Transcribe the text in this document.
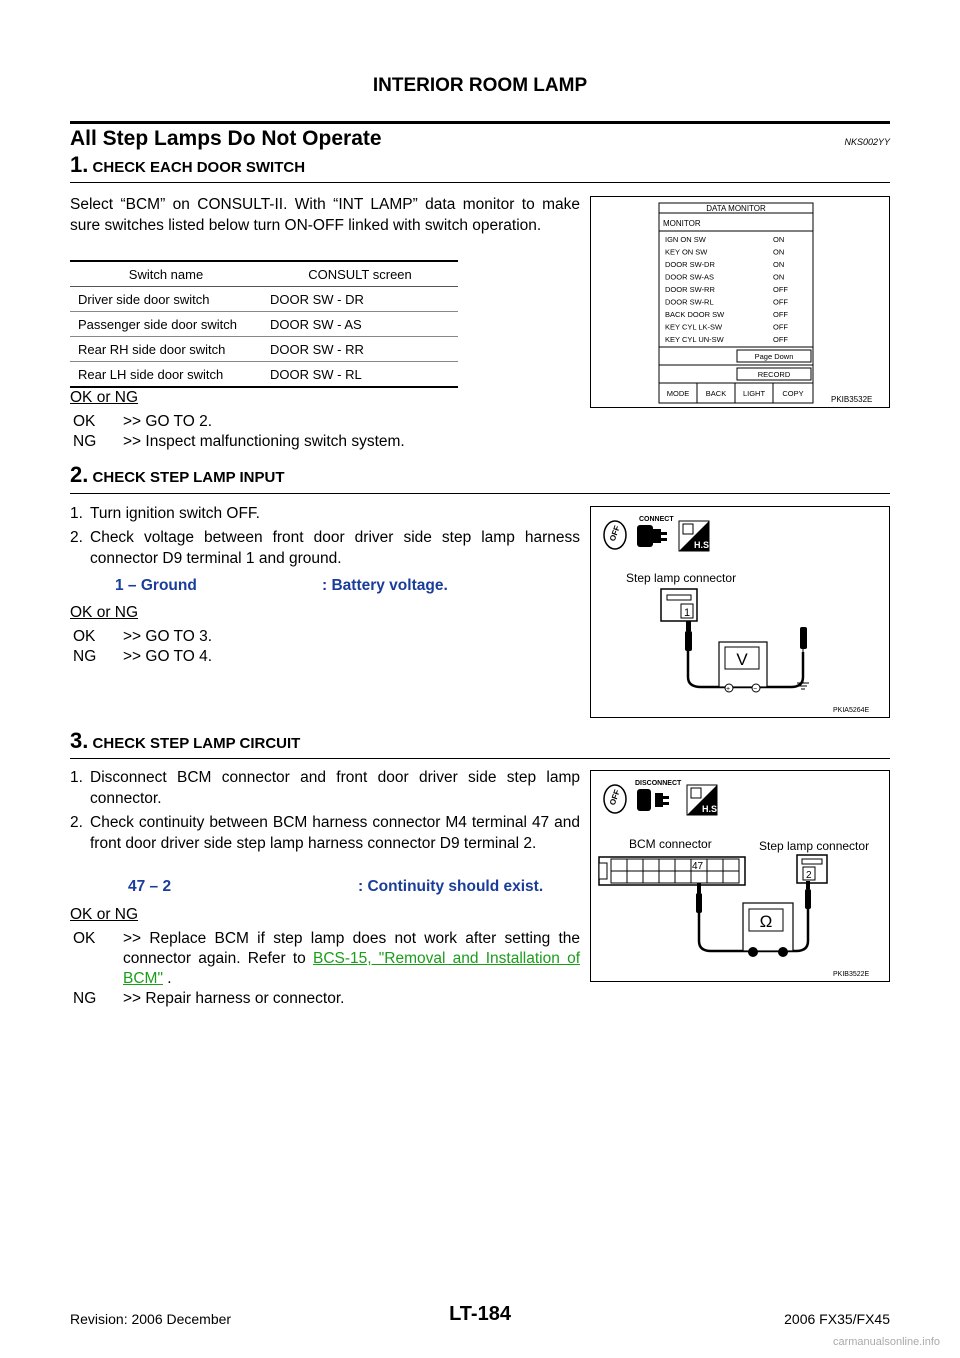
INTERIOR ROOM LAMP
All Step Lamps Do Not Operate	NKS002YY
1. CHECK EACH DOOR SWITCH
Select “BCM” on CONSULT-II. With “INT LAMP” data monitor to make sure switches listed below turn ON-OFF linked with switch operation.
Switch name	CONSULT screen
Driver side door switch	DOOR SW - DR
Passenger side door switch	DOOR SW - AS
Rear RH side door switch	DOOR SW - RR
Rear LH side door switch	DOOR SW - RL
OK or NG
OK >> GO TO 2.
NG >> Inspect malfunctioning switch system.
DATA MONITOR
MONITOR
IGN ON SW	ON
KEY ON SW	ON
DOOR SW-DR	ON
DOOR SW-AS	ON
DOOR SW-RR	OFF
DOOR SW-RL	OFF
BACK DOOR SW	OFF
KEY CYL LK-SW	OFF
KEY CYL UN-SW	OFF
Page Down
RECORD
MODE BACK LIGHT COPY
PKIB3532E
2. CHECK STEP LAMP INPUT
1. Turn ignition switch OFF.
2. Check voltage between front door driver side step lamp harness connector D9 terminal 1 and ground.
1 – Ground	: Battery voltage.
OK or NG
OK >> GO TO 3.
NG >> GO TO 4.
OFF
CONNECT
H.S.
Step lamp connector
1
V
+	−
PKIA5264E
3. CHECK STEP LAMP CIRCUIT
1. Disconnect BCM connector and front door driver side step lamp connector.
2. Check continuity between BCM harness connector M4 terminal 47 and front door driver side step lamp harness connector D9 terminal 2.
47 – 2	: Continuity should exist.
OK or NG
OK	>> Replace BCM if step lamp does not work after setting the connector again. Refer to BCS-15, "Removal and Installation of BCM" .
NG >> Repair harness or connector.
OFF
DISCONNECT
H.S.
BCM connector	Step lamp connector
47
2
Ω
PKIB3522E
Revision: 2006 December	LT-184	2006 FX35/FX45
carmanualsonline.info
